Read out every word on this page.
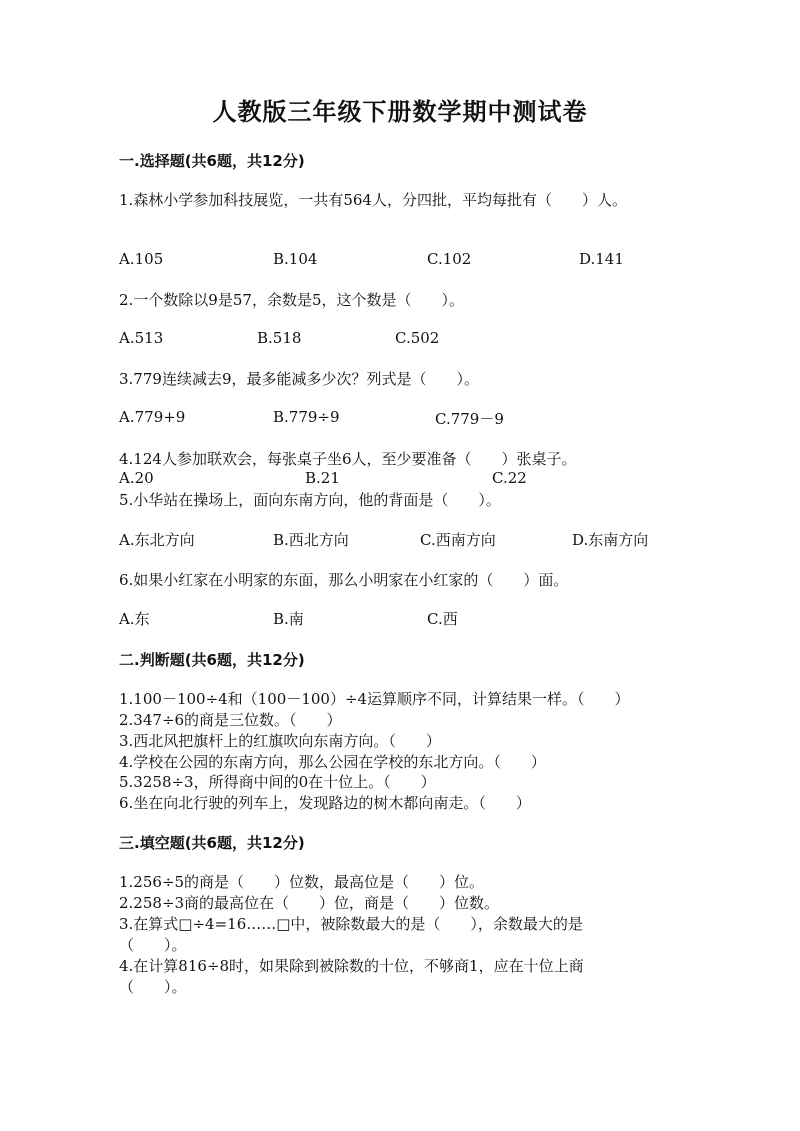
人教版三年级下册数学期中测试卷
一.选择题(共6题，共12分)
1.森林小学参加科技展览，一共有564人，分四批，平均每批有（　　）人。
A.105	B.104	C.102	D.141
2.一个数除以9是57，余数是5，这个数是（　　）。
A.513	B.518	C.502
3.779连续减去9，最多能减多少次？列式是（　　）。
A.779+9	B.779÷9	C.779－9
4.124人参加联欢会，每张桌子坐6人，至少要准备（　　）张桌子。
A.20	B.21	C.22
5.小华站在操场上，面向东南方向，他的背面是（　　）。
A.东北方向	B.西北方向	C.西南方向	D.东南方向
6.如果小红家在小明家的东面，那么小明家在小红家的（　　）面。
A.东	B.南	C.西
二.判断题(共6题，共12分)
1.100－100÷4和（100－100）÷4运算顺序不同，计算结果一样。（　　）
2.347÷6的商是三位数。（　　）
3.西北风把旗杆上的红旗吹向东南方向。（　　）
4.学校在公园的东南方向，那么公园在学校的东北方向。（　　）
5.3258÷3，所得商中间的0在十位上。（　　）
6.坐在向北行驶的列车上，发现路边的树木都向南走。（　　）
三.填空题(共6题，共12分)
1.256÷5的商是（　　）位数，最高位是（　　）位。
2.258÷3商的最高位在（　　）位，商是（　　）位数。
3.在算式□÷4=16……□中，被除数最大的是（　　），余数最大的是
（　　）。
4.在计算816÷8时，如果除到被除数的十位，不够商1，应在十位上商
（　　）。
